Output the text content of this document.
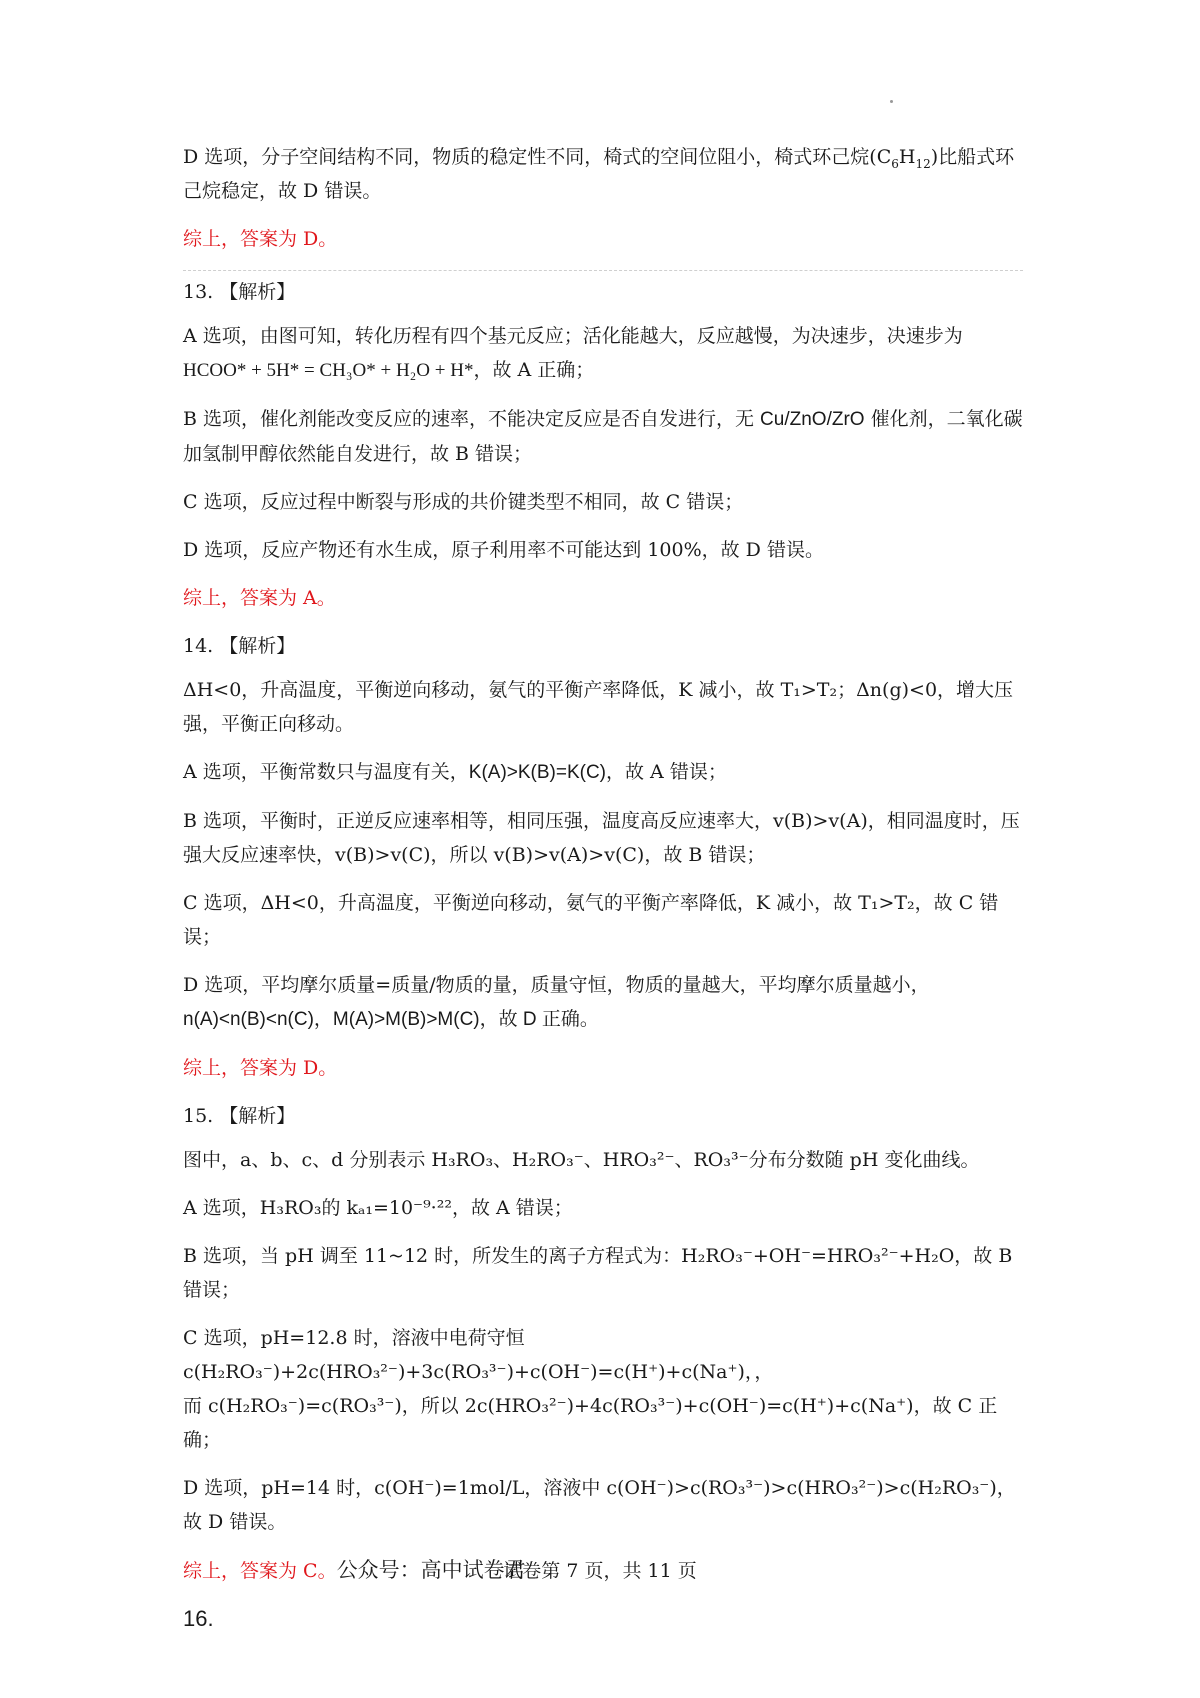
D 选项，分子空间结构不同，物质的稳定性不同，椅式的空间位阻小，椅式环己烷$(C_6H_{12})$比船式环己烷稳定，故 D 错误。

综上，答案为 D。

13. 【解析】

A 选项，由图可知，转化历程有四个基元反应；活化能越大，反应越慢，为决速步，决速步为
HCOO* + 5H* = CH₃O* + H₂O + H*，故 A 正确；

B 选项，催化剂能改变反应的速率，不能决定反应是否自发进行，无 Cu/ZnO/ZrO 催化剂，二氧化碳加氢制甲醇依然能自发进行，故 B 错误；

C 选项，反应过程中断裂与形成的共价键类型不相同，故 C 错误；

D 选项，反应产物还有水生成，原子利用率不可能达到 100%，故 D 错误。

综上，答案为 A。

14. 【解析】

ΔH<0，升高温度，平衡逆向移动，氨气的平衡产率降低，K 减小，故 T₁>T₂；Δn(g)<0，增大压强，平衡正向移动。

A 选项，平衡常数只与温度有关，K(A)>K(B)=K(C)，故 A 错误；

B 选项，平衡时，正逆反应速率相等，相同压强，温度高反应速率大，v(B)>v(A)，相同温度时，压强大反应速率快，v(B)>v(C)，所以 v(B)>v(A)>v(C)，故 B 错误；

C 选项，ΔH<0，升高温度，平衡逆向移动，氨气的平衡产率降低，K 减小，故 T₁>T₂，故 C 错误；

D 选项，平均摩尔质量=质量/物质的量，质量守恒，物质的量越大，平均摩尔质量越小，
n(A)<n(B)<n(C)，M(A)>M(B)>M(C)，故 D 正确。

综上，答案为 D。

15. 【解析】

图中，a、b、c、d 分别表示 H₃RO₃、H₂RO₃⁻、HRO₃²⁻、RO₃³⁻分布分数随 pH 变化曲线。

A 选项，H₃RO₃的 kₐ₁=10⁻⁹·²²，故 A 错误；

B 选项，当 pH 调至 11~12 时，所发生的离子方程式为：H₂RO₃⁻+OH⁻=HRO₃²⁻+H₂O，故 B 错误；

C 选项，pH=12.8 时，溶液中电荷守恒 c(H₂RO₃⁻)+2c(HRO₃²⁻)+3c(RO₃³⁻)+c(OH⁻)=c(H⁺)+c(Na⁺)，，
而 c(H₂RO₃⁻)=c(RO₃³⁻)，所以 2c(HRO₃²⁻)+4c(RO₃³⁻)+c(OH⁻)=c(H⁺)+c(Na⁺)，故 C 正确；

D 选项，pH=14 时，c(OH⁻)=1mol/L，溶液中 c(OH⁻)>c(RO₃³⁻)>c(HRO₃²⁻)>c(H₂RO₃⁻)，故 D 错误。

综上，答案为 C。公众号：高中试卷君

16.

试卷第 7 页，共 11 页
